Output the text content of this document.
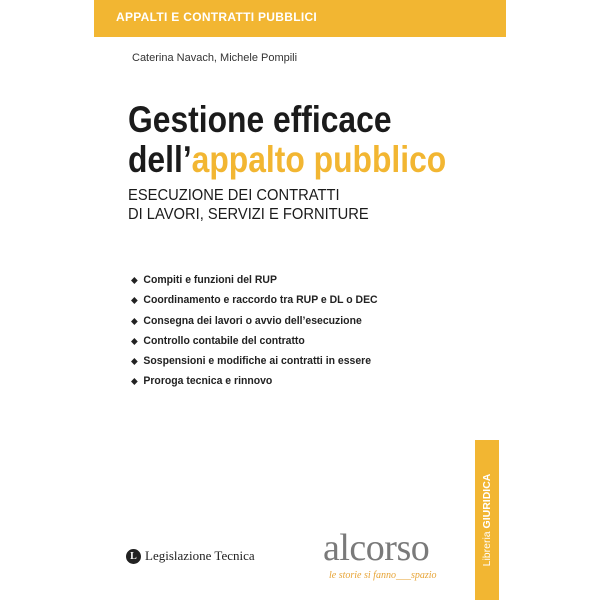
APPALTI E CONTRATTI PUBBLICI
Caterina Navach, Michele Pompili
Gestione efficace
dell’appalto pubblico
ESECUZIONE DEI CONTRATTI
DI LAVORI, SERVIZI E FORNITURE
Compiti e funzioni del RUP
Coordinamento e raccordo tra RUP e DL o DEC
Consegna dei lavori o avvio dell’esecuzione
Controllo contabile del contratto
Sospensioni e modifiche ai contratti in essere
Proroga tecnica e rinnovo
Libreria GIURIDICA
L Legislazione Tecnica alcorso
le storie si fanno___spazio
